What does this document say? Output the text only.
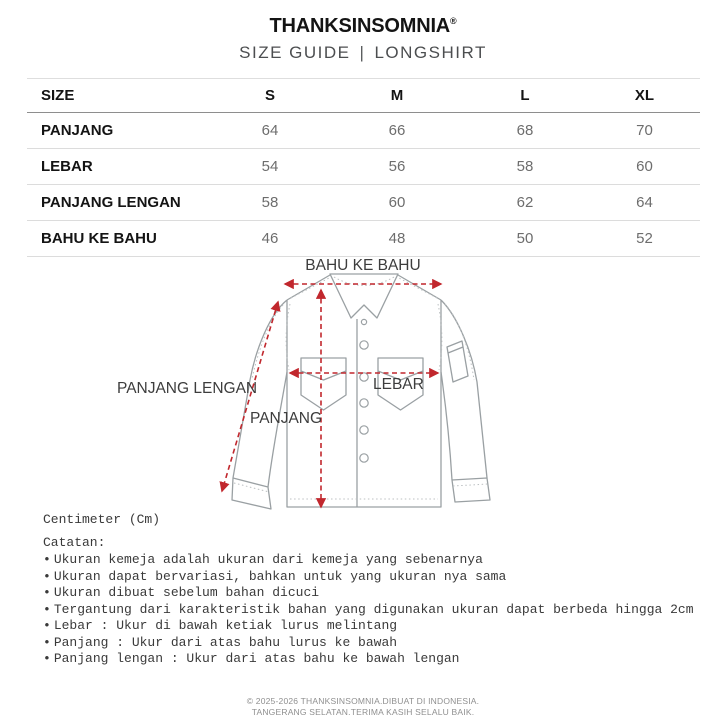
THANKSINSOMNIA®
SIZE GUIDE | LONGSHIRT
SIZE	S	M	L	XL
PANJANG	64	66	68	70
LEBAR	54	56	58	60
PANJANG LENGAN	58	60	62	64
BAHU KE BAHU	46	48	50	52
BAHU KE BAHU
PANJANG LENGAN
PANJANG
LEBAR
Centimeter (Cm)
Catatan:
• Ukuran kemeja adalah ukuran dari kemeja yang sebenarnya
• Ukuran dapat bervariasi, bahkan untuk yang ukuran nya sama
• Ukuran dibuat sebelum bahan dicuci
• Tergantung dari karakteristik bahan yang digunakan ukuran dapat berbeda hingga 2cm
• Lebar : Ukur di bawah ketiak lurus melintang
• Panjang : Ukur dari atas bahu lurus ke bawah
• Panjang lengan : Ukur dari atas bahu ke bawah lengan
© 2025-2026 THANKSINSOMNIA.DIBUAT DI INDONESIA.
TANGERANG SELATAN.TERIMA KASIH SELALU BAIK.
